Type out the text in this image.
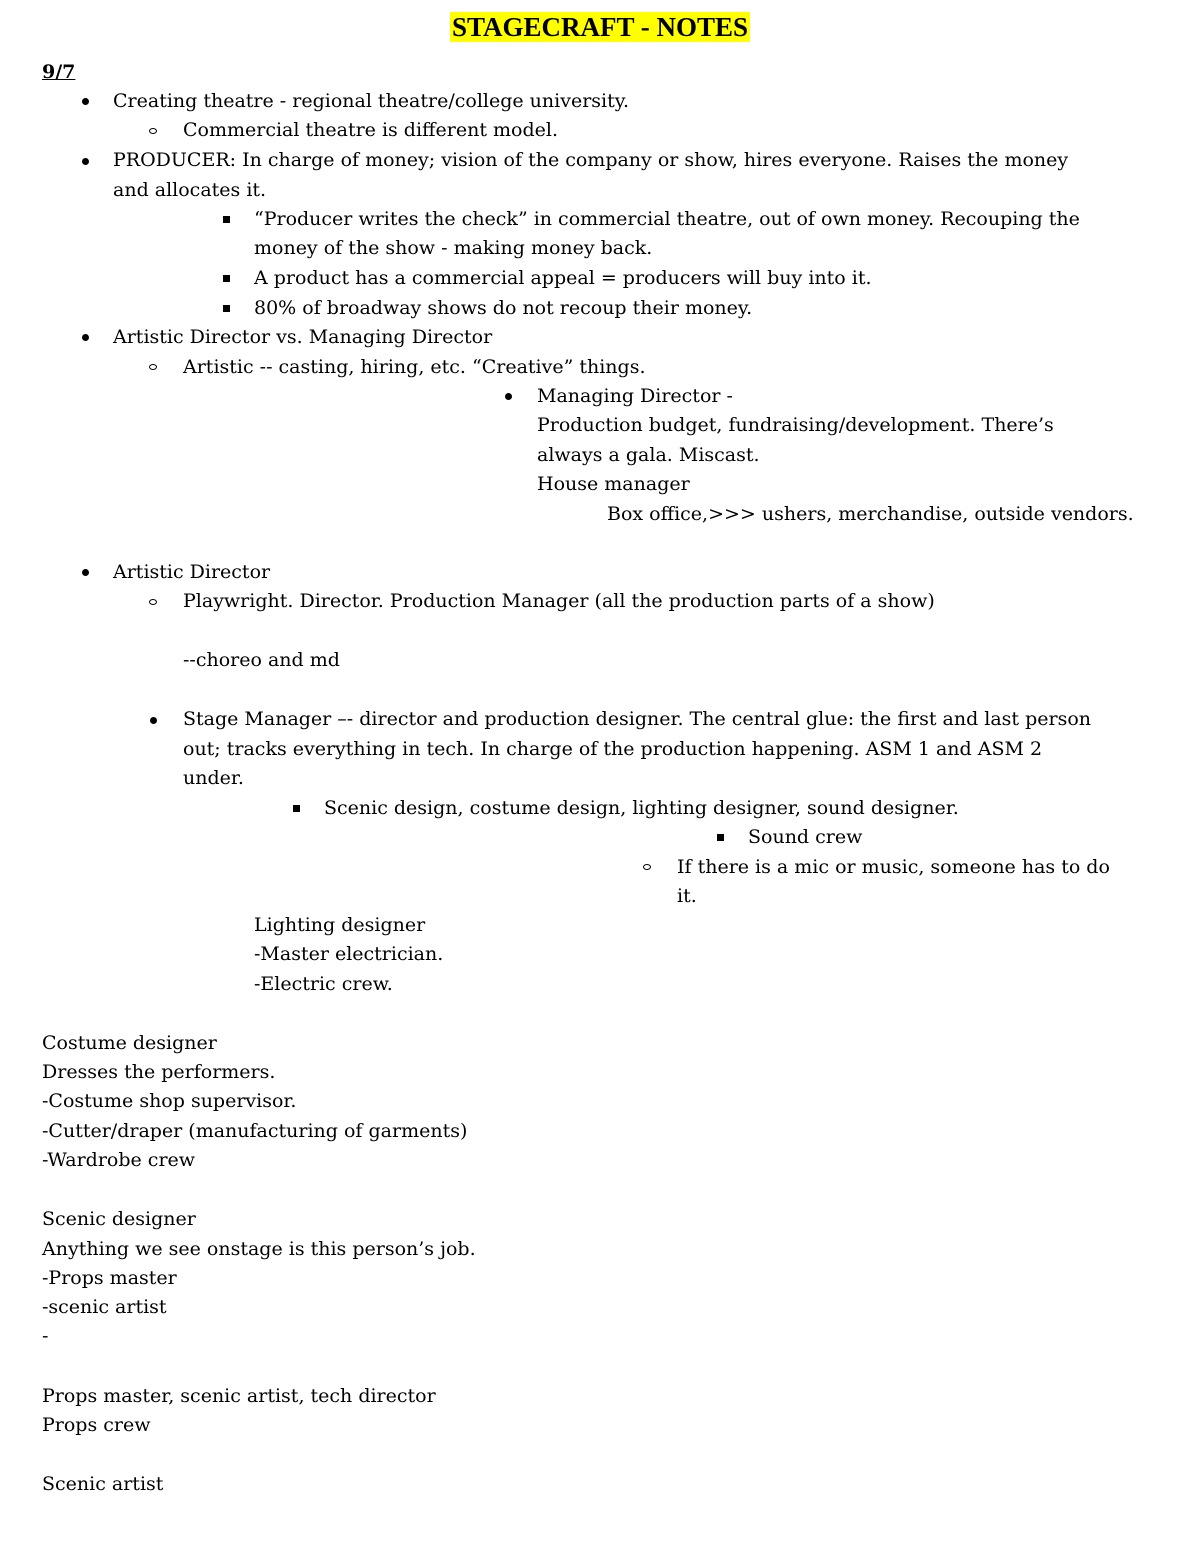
STAGECRAFT - NOTES
9/7
Creating theatre - regional theatre/college university.
Commercial theatre is different model.
PRODUCER: In charge of money; vision of the company or show, hires everyone. Raises the money
and allocates it.
“Producer writes the check” in commercial theatre, out of own money. Recouping the
money of the show - making money back.
A product has a commercial appeal = producers will buy into it.
80% of broadway shows do not recoup their money.
Artistic Director vs. Managing Director
Artistic -- casting, hiring, etc. “Creative” things.
Managing Director -
Production budget, fundraising/development. There’s
always a gala. Miscast.
House manager
Box office,>>> ushers, merchandise, outside vendors.
Artistic Director
Playwright. Director. Production Manager (all the production parts of a show)
--choreo and md
Stage Manager –- director and production designer. The central glue: the first and last person
out; tracks everything in tech. In charge of the production happening. ASM 1 and ASM 2
under.
Scenic design, costume design, lighting designer, sound designer.
Sound crew
If there is a mic or music, someone has to do
it.
Lighting designer
-Master electrician.
-Electric crew.
Costume designer
Dresses the performers.
-Costume shop supervisor.
-Cutter/draper (manufacturing of garments)
-Wardrobe crew
Scenic designer
Anything we see onstage is this person’s job.
-Props master
-scenic artist
-
Props master, scenic artist, tech director
Props crew
Scenic artist
